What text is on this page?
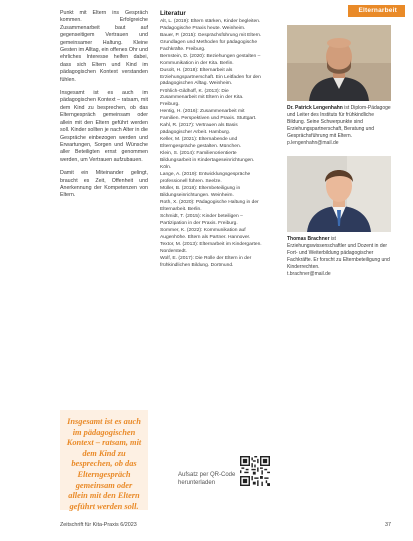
Elternarbeit

Punkt mit Eltern ins Gespräch kommen. Erfolgreiche Zusammenarbeit baut auf gegenseitigem Vertrauen und gemeinsamer Haltung. Kleine Gesten im Alltag, ein offenes Ohr und ehrliches Interesse helfen dabei, dass sich Eltern und Kind im pädagogischen Kontext verstanden fühlen.

Insgesamt ist es auch im pädagogischen Kontext – ratsam, mit dem Kind zu besprechen, ob das Elterngespräch gemeinsam oder allein mit den Eltern geführt werden soll. Kinder sollten je nach Alter in die Gespräche einbezogen werden und Erwartungen, Sorgen und Wünsche aller Beteiligten ernst genommen werden, um Vertrauen aufzubauen.

Damit ein Miteinander gelingt, braucht es Zeit, Offenheit und Anerkennung der Kompetenzen von Eltern.

Insgesamt ist es auch im pädagogischen Kontext – ratsam, mit dem Kind zu besprechen, ob das Elterngespräch gemeinsam oder allein mit den Eltern geführt werden soll.
Literatur
Alt, L. (2019): Eltern stärken, Kinder begleiten. Pädagogische Praxis heute. Weinheim.
Bauer, P. (2015): Gesprächsführung mit Eltern. Grundlagen und Methoden für pädagogische Fachkräfte. Freiburg.
Bernstein, D. (2020): Beziehungen gestalten – Kommunikation in der Kita. Berlin.
Dusolt, H. (2018): Elternarbeit als Erziehungspartnerschaft. Ein Leitfaden für den pädagogischen Alltag. Weinheim.
Fröhlich-Gildhoff, K. (2013): Die Zusammenarbeit mit Eltern in der Kita. Freiburg.
Hentig, H. (2016): Zusammenarbeit mit Familien. Perspektiven und Praxis. Stuttgart.
Kahl, R. (2017): Vertrauen als Basis pädagogischer Arbeit. Hamburg.
Keller, M. (2021): Elternabende und Elterngespräche gestalten. München.
Klein, S. (2014): Familienorientierte Bildungsarbeit in Kindertageseinrichtungen. Köln.
Lange, A. (2019): Entwicklungsgespräche professionell führen. Seelze.
Müller, B. (2018): Elternbeteiligung in Bildungseinrichtungen. Weinheim.
Roth, X. (2020): Pädagogische Haltung in der Elternarbeit. Berlin.
Schmidt, T. (2015): Kinder beteiligen – Partizipation in der Praxis. Freiburg.
Sommer, K. (2022): Kommunikation auf Augenhöhe. Eltern als Partner. Hannover.
Textor, M. (2013): Elternarbeit im Kindergarten. Norderstedt.
Wolf, E. (2017): Die Rolle der Eltern in der frühkindlichen Bildung. Dortmund.
Aufsatz per QR-Code herunterladen
Dr. Patrick Lengenhahn ist Diplom-Pädagoge und Leiter des Instituts für frühkindliche Bildung. Seine Schwerpunkte sind Erziehungspartnerschaft, Beratung und Gesprächsführung mit Eltern.
p.lengenhahn@mail.de
Thomas Brachner ist Erziehungswissenschaftler und Dozent in der Fort- und Weiterbildung pädagogischer Fachkräfte. Er forscht zu Elternbeteiligung und Kinderrechten.
t.brachner@mail.de
Zeitschrift für Kita-Praxis 6/2023	37
